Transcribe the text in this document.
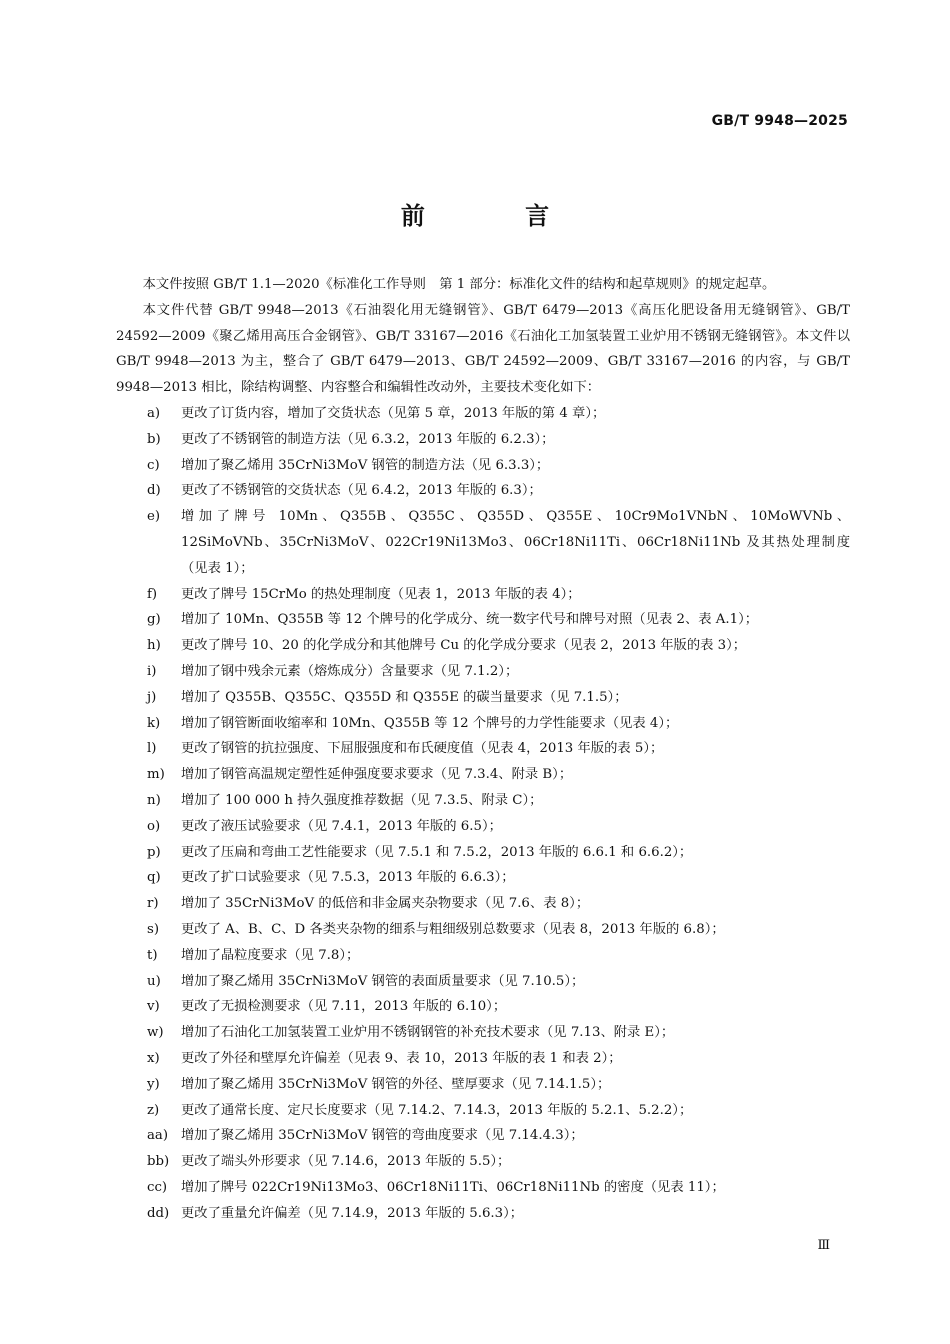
GB/T 9948—2025
前 言

本文件按照 GB/T 1.1—2020《标准化工作导则　第 1 部分：标准化文件的结构和起草规则》的规定起草。

本文件代替 GB/T 9948—2013《石油裂化用无缝钢管》、GB/T 6479—2013《高压化肥设备用无缝钢管》、GB/T 24592—2009《聚乙烯用高压合金钢管》、GB/T 33167—2016《石油化工加氢装置工业炉用不锈钢无缝钢管》。本文件以 GB/T 9948—2013 为主，整合了 GB/T 6479—2013、GB/T 24592—2009、GB/T 33167—2016 的内容，与 GB/T 9948—2013 相比，除结构调整、内容整合和编辑性改动外，主要技术变化如下：

a) 更改了订货内容，增加了交货状态（见第 5 章，2013 年版的第 4 章）；
b) 更改了不锈钢管的制造方法（见 6.3.2，2013 年版的 6.2.3）；
c) 增加了聚乙烯用 35CrNi3MoV 钢管的制造方法（见 6.3.3）；
d) 更改了不锈钢管的交货状态（见 6.4.2，2013 年版的 6.3）；
e) 增加了牌号 10Mn、Q355B、Q355C、Q355D、Q355E、10Cr9Mo1VNbN、10MoWVNb、12SiMoVNb、35CrNi3MoV、022Cr19Ni13Mo3、06Cr18Ni11Ti、06Cr18Ni11Nb 及其热处理制度（见表 1）；
f) 更改了牌号 15CrMo 的热处理制度（见表 1，2013 年版的表 4）；
g) 增加了 10Mn、Q355B 等 12 个牌号的化学成分、统一数字代号和牌号对照（见表 2、表 A.1）；
h) 更改了牌号 10、20 的化学成分和其他牌号 Cu 的化学成分要求（见表 2，2013 年版的表 3）；
i) 增加了钢中残余元素（熔炼成分）含量要求（见 7.1.2）；
j) 增加了 Q355B、Q355C、Q355D 和 Q355E 的碳当量要求（见 7.1.5）；
k) 增加了钢管断面收缩率和 10Mn、Q355B 等 12 个牌号的力学性能要求（见表 4）；
l) 更改了钢管的抗拉强度、下屈服强度和布氏硬度值（见表 4，2013 年版的表 5）；
m) 增加了钢管高温规定塑性延伸强度要求要求（见 7.3.4、附录 B）；
n) 增加了 100 000 h 持久强度推荐数据（见 7.3.5、附录 C）；
o) 更改了液压试验要求（见 7.4.1，2013 年版的 6.5）；
p) 更改了压扁和弯曲工艺性能要求（见 7.5.1 和 7.5.2，2013 年版的 6.6.1 和 6.6.2）；
q) 更改了扩口试验要求（见 7.5.3，2013 年版的 6.6.3）；
r) 增加了 35CrNi3MoV 的低倍和非金属夹杂物要求（见 7.6、表 8）；
s) 更改了 A、B、C、D 各类夹杂物的细系与粗细级别总数要求（见表 8，2013 年版的 6.8）；
t) 增加了晶粒度要求（见 7.8）；
u) 增加了聚乙烯用 35CrNi3MoV 钢管的表面质量要求（见 7.10.5）；
v) 更改了无损检测要求（见 7.11，2013 年版的 6.10）；
w) 增加了石油化工加氢装置工业炉用不锈钢钢管的补充技术要求（见 7.13、附录 E）；
x) 更改了外径和壁厚允许偏差（见表 9、表 10，2013 年版的表 1 和表 2）；
y) 增加了聚乙烯用 35CrNi3MoV 钢管的外径、壁厚要求（见 7.14.1.5）；
z) 更改了通常长度、定尺长度要求（见 7.14.2、7.14.3，2013 年版的 5.2.1、5.2.2）；
aa) 增加了聚乙烯用 35CrNi3MoV 钢管的弯曲度要求（见 7.14.4.3）；
bb) 更改了端头外形要求（见 7.14.6，2013 年版的 5.5）；
cc) 增加了牌号 022Cr19Ni13Mo3、06Cr18Ni11Ti、06Cr18Ni11Nb 的密度（见表 11）；
dd) 更改了重量允许偏差（见 7.14.9，2013 年版的 5.6.3）；
Ⅲ
